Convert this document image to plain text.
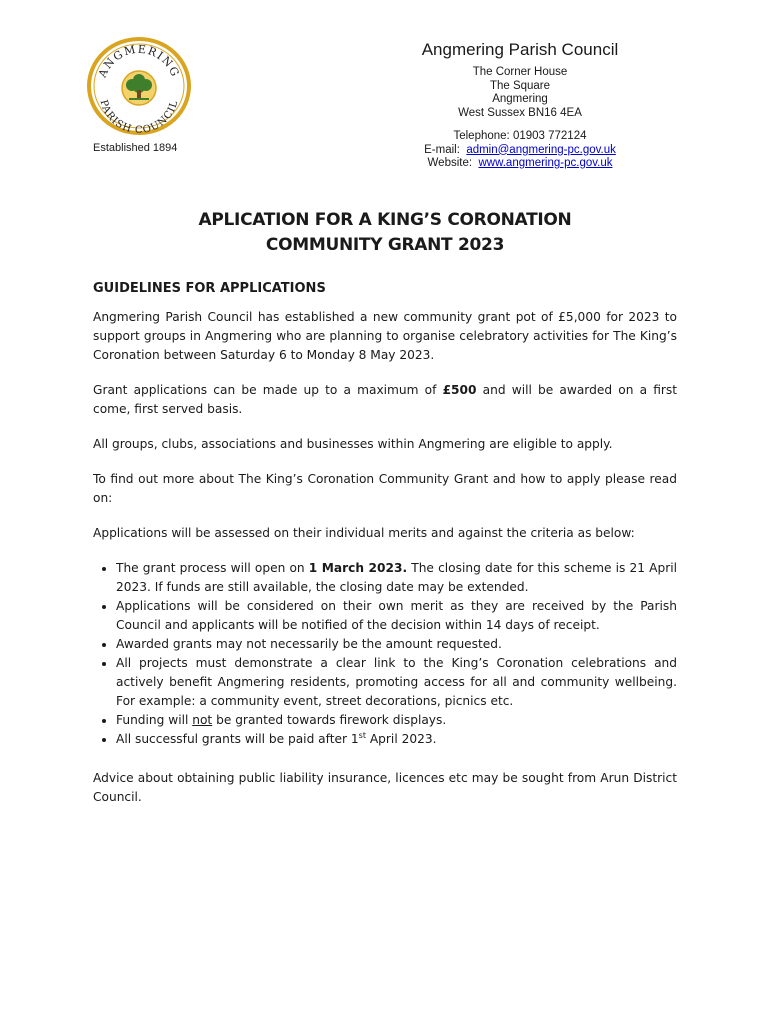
ANGMERING
PARISH COUNCIL
Established 1894
Angmering Parish Council
The Corner House
The Square
Angmering
West Sussex BN16 4EA
Telephone: 01903 772124
E-mail: admin@angmering-pc.gov.uk
Website: www.angmering-pc.gov.uk
APLICATION FOR A KING’S CORONATION
COMMUNITY GRANT 2023
GUIDELINES FOR APPLICATIONS

Angmering Parish Council has established a new community grant pot of £5,000 for 2023 to support groups in Angmering who are planning to organise celebratory activities for The King’s Coronation between Saturday 6 to Monday 8 May 2023.

Grant applications can be made up to a maximum of £500 and will be awarded on a first come, first served basis.

All groups, clubs, associations and businesses within Angmering are eligible to apply.

To find out more about The King’s Coronation Community Grant and how to apply please read on:

Applications will be assessed on their individual merits and against the criteria as below:

• The grant process will open on 1 March 2023. The closing date for this scheme is 21 April 2023. If funds are still available, the closing date may be extended.
• Applications will be considered on their own merit as they are received by the Parish Council and applicants will be notified of the decision within 14 days of receipt.
• Awarded grants may not necessarily be the amount requested.
• All projects must demonstrate a clear link to the King’s Coronation celebrations and actively benefit Angmering residents, promoting access for all and community wellbeing. For example: a community event, street decorations, picnics etc.
• Funding will not be granted towards firework displays.
• All successful grants will be paid after 1st April 2023.

Advice about obtaining public liability insurance, licences etc may be sought from Arun District Council.
